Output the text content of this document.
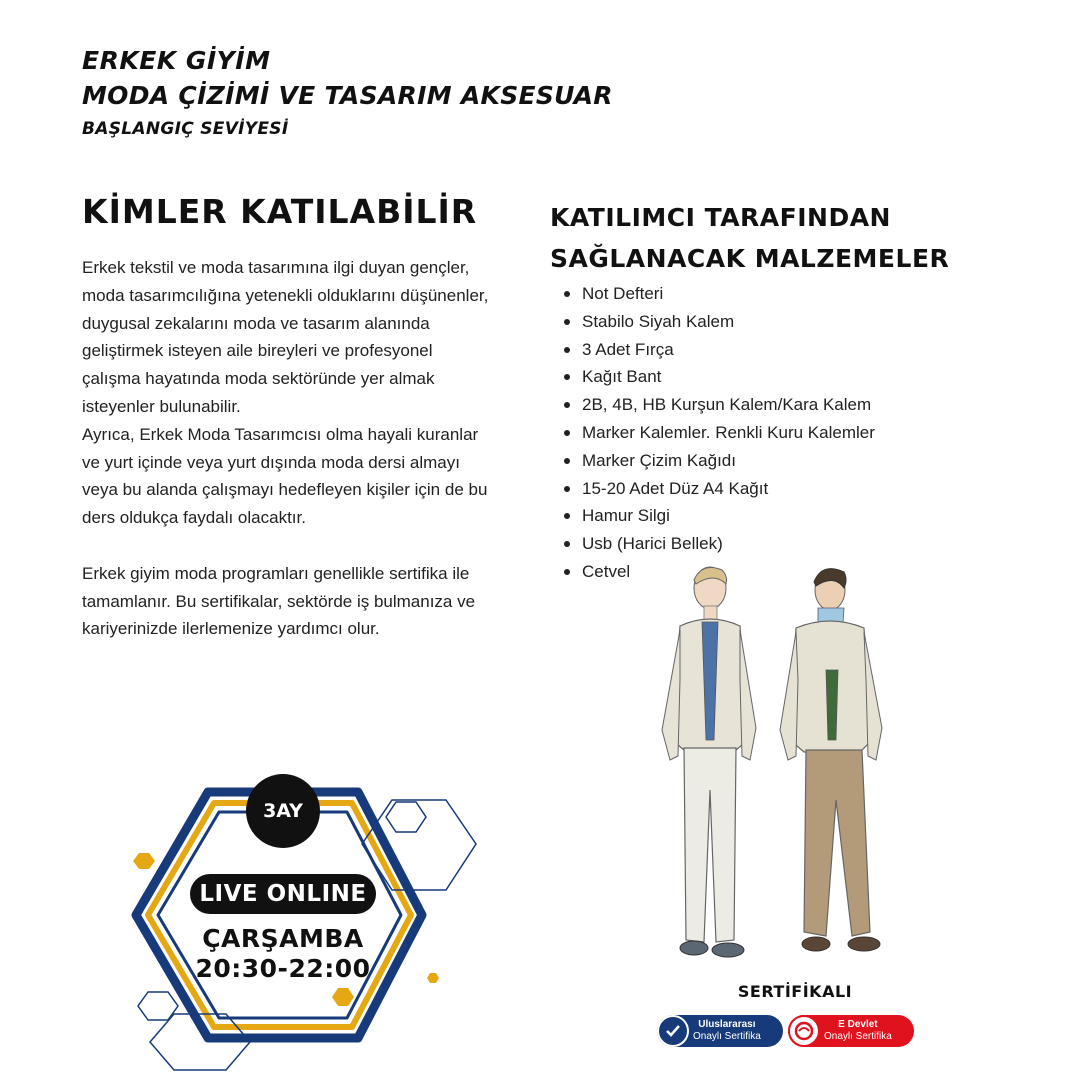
ERKEK GİYİM
MODA ÇİZİMİ VE TASARIM AKSESUAR
BAŞLANGIÇ SEVİYESİ
KİMLER KATILABİLİR

Erkek tekstil ve moda tasarımına ilgi duyan gençler, moda tasarımcılığına yetenekli olduklarını düşünenler, duygusal zekalarını moda ve tasarım alanında geliştirmek isteyen aile bireyleri ve profesyonel çalışma hayatında moda sektöründe yer almak isteyenler bulunabilir.

Ayrıca, Erkek Moda Tasarımcısı olma hayali kuranlar ve yurt içinde veya yurt dışında moda dersi almayı veya bu alanda çalışmayı hedefleyen kişiler için de bu ders oldukça faydalı olacaktır.

Erkek giyim moda programları genellikle sertifika ile tamamlanır. Bu sertifikalar, sektörde iş bulmanıza ve kariyerinizde ilerlemenize yardımcı olur.

KATILIMCI TARAFINDAN
SAĞLANACAK MALZEMELER
Not Defteri
Stabilo Siyah Kalem
3 Adet Fırça
Kağıt Bant
2B, 4B, HB Kurşun Kalem/Kara Kalem
Marker Kalemler. Renkli Kuru Kalemler
Marker Çizim Kağıdı
15-20 Adet Düz A4 Kağıt
Hamur Silgi
Usb (Harici Bellek)
Cetvel
3AY
LIVE ONLINE
ÇARŞAMBA
20:30-22:00
SERTİFİKALI
Uluslararası
Onaylı Sertifika
E Devlet
Onaylı Sertifika
